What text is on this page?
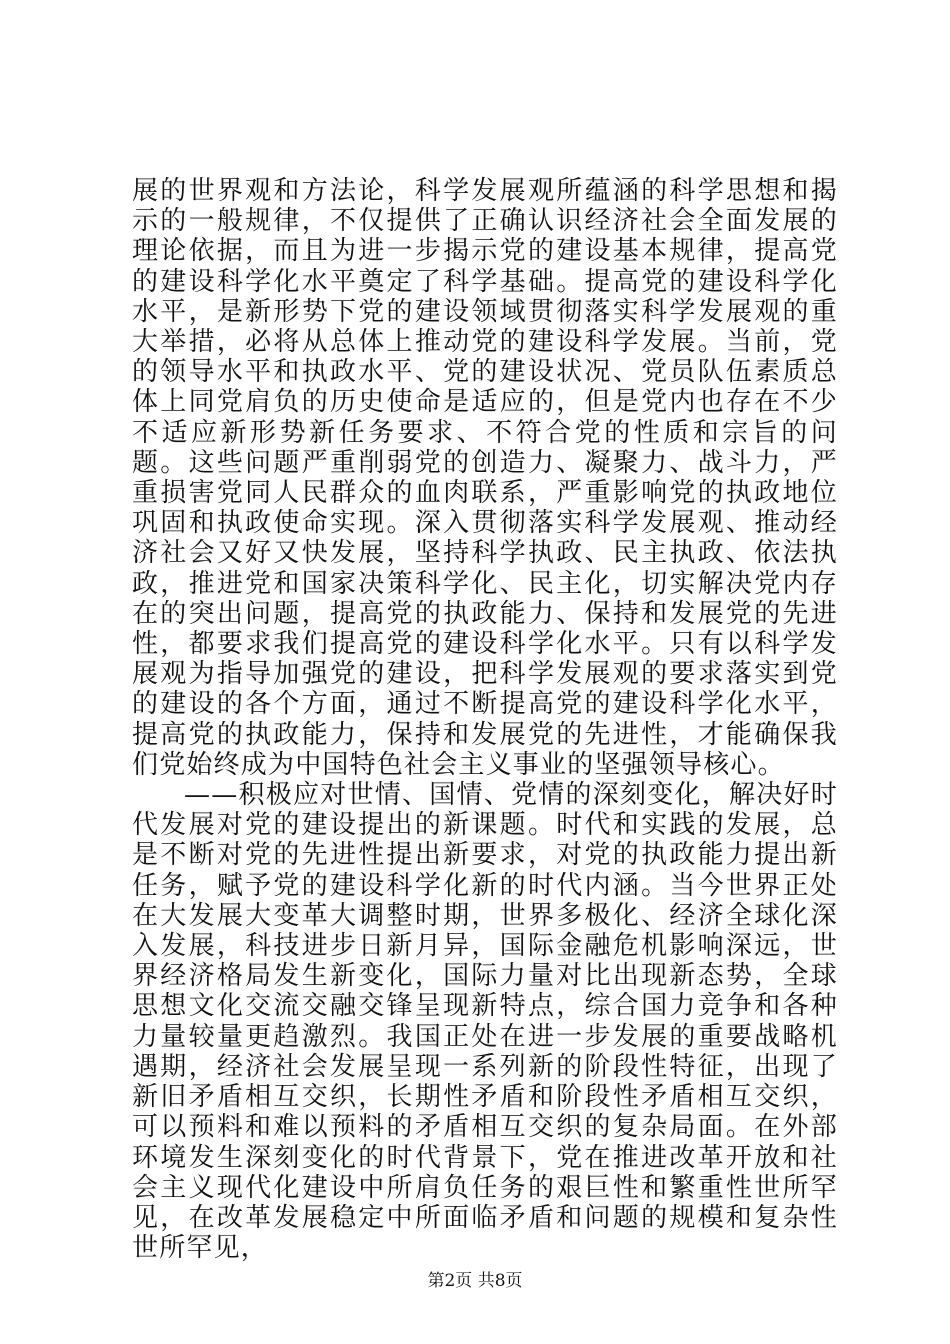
展的世界观和方法论，科学发展观所蕴涵的科学思想和揭示的一般规律，不仅提供了正确认识经济社会全面发展的理论依据，而且为进一步揭示党的建设基本规律，提高党的建设科学化水平奠定了科学基础。提高党的建设科学化水平，是新形势下党的建设领域贯彻落实科学发展观的重大举措，必将从总体上推动党的建设科学发展。当前，党的领导水平和执政水平、党的建设状况、党员队伍素质总体上同党肩负的历史使命是适应的，但是党内也存在不少不适应新形势新任务要求、不符合党的性质和宗旨的问题。这些问题严重削弱党的创造力、凝聚力、战斗力，严重损害党同人民群众的血肉联系，严重影响党的执政地位巩固和执政使命实现。深入贯彻落实科学发展观、推动经济社会又好又快发展，坚持科学执政、民主执政、依法执政，推进党和国家决策科学化、民主化，切实解决党内存在的突出问题，提高党的执政能力、保持和发展党的先进性，都要求我们提高党的建设科学化水平。只有以科学发展观为指导加强党的建设，把科学发展观的要求落实到党的建设的各个方面，通过不断提高党的建设科学化水平，提高党的执政能力，保持和发展党的先进性，才能确保我们党始终成为中国特色社会主义事业的坚强领导核心。

——积极应对世情、国情、党情的深刻变化，解决好时代发展对党的建设提出的新课题。时代和实践的发展，总是不断对党的先进性提出新要求，对党的执政能力提出新任务，赋予党的建设科学化新的时代内涵。当今世界正处在大发展大变革大调整时期，世界多极化、经济全球化深入发展，科技进步日新月异，国际金融危机影响深远，世界经济格局发生新变化，国际力量对比出现新态势，全球思想文化交流交融交锋呈现新特点，综合国力竞争和各种力量较量更趋激烈。我国正处在进一步发展的重要战略机遇期，经济社会发展呈现一系列新的阶段性特征，出现了新旧矛盾相互交织，长期性矛盾和阶段性矛盾相互交织，可以预料和难以预料的矛盾相互交织的复杂局面。在外部环境发生深刻变化的时代背景下，党在推进改革开放和社会主义现代化建设中所肩负任务的艰巨性和繁重性世所罕见，在改革发展稳定中所面临矛盾和问题的规模和复杂性世所罕见，

第2页 共8页
